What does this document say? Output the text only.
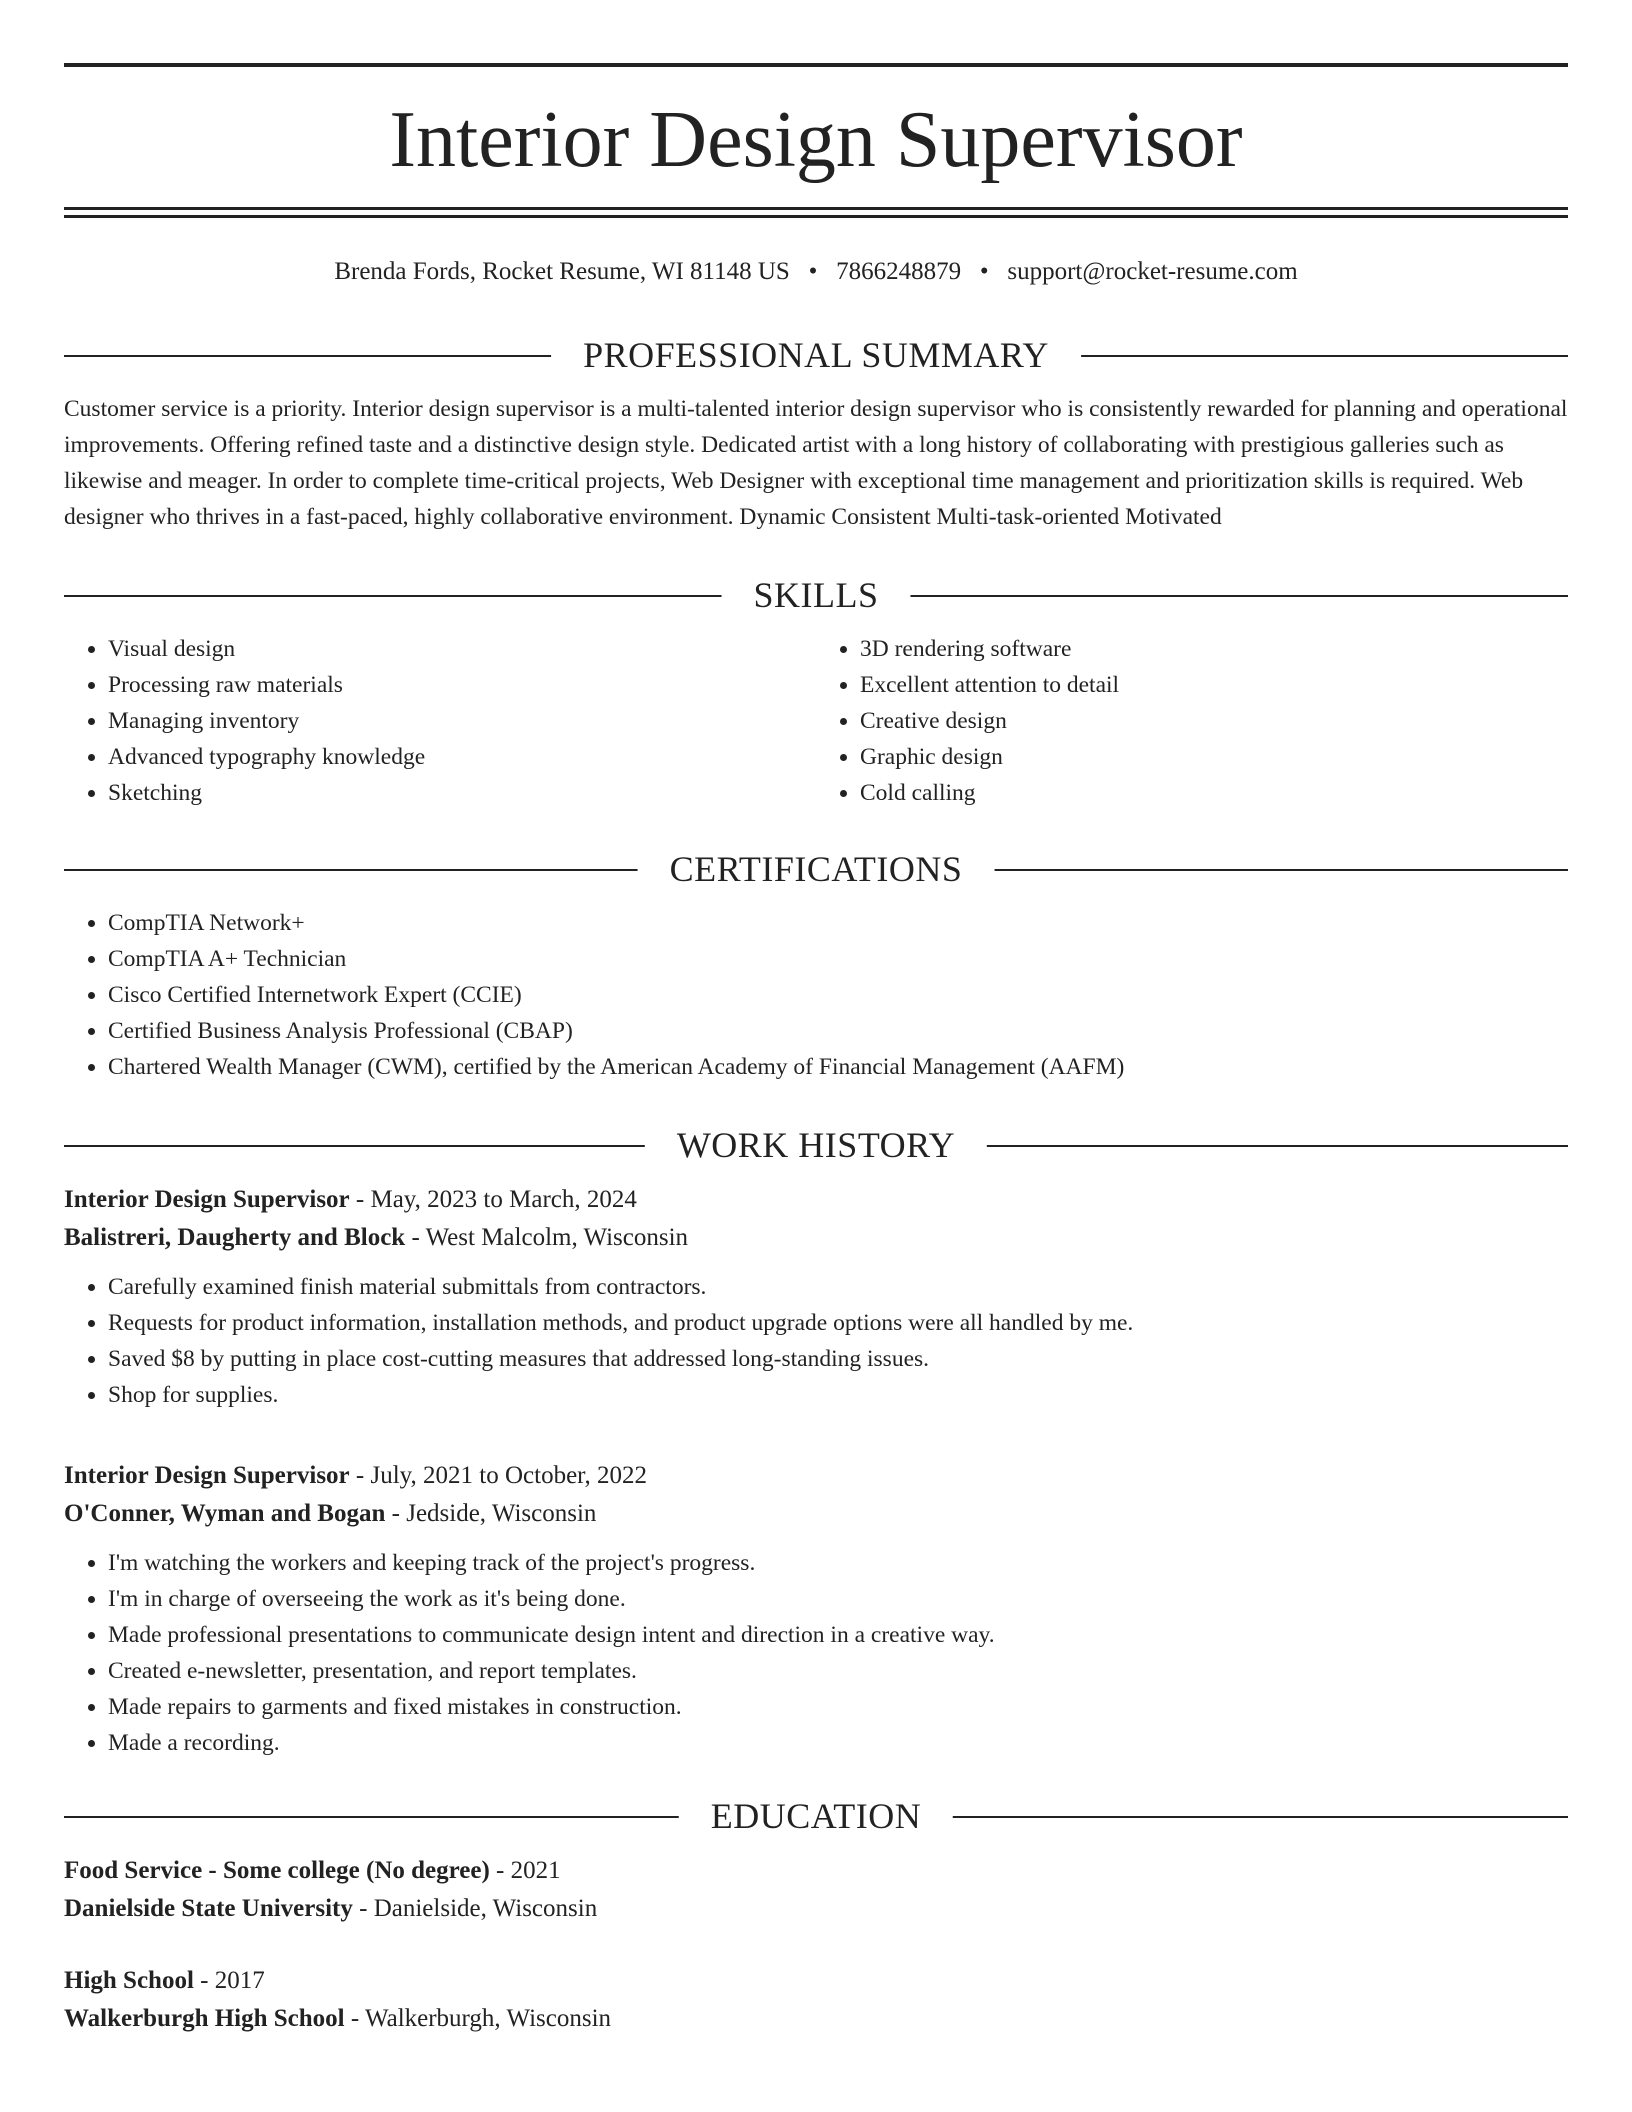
Interior Design Supervisor
Brenda Fords, Rocket Resume, WI 81148 US • 7866248879 • support@rocket-resume.com
PROFESSIONAL SUMMARY
Customer service is a priority. Interior design supervisor is a multi-talented interior design supervisor who is consistently rewarded for planning and operational improvements. Offering refined taste and a distinctive design style. Dedicated artist with a long history of collaborating with prestigious galleries such as likewise and meager. In order to complete time-critical projects, Web Designer with exceptional time management and prioritization skills is required. Web designer who thrives in a fast-paced, highly collaborative environment. Dynamic Consistent Multi-task-oriented Motivated
SKILLS
• Visual design
• Processing raw materials
• Managing inventory
• Advanced typography knowledge
• Sketching
• 3D rendering software
• Excellent attention to detail
• Creative design
• Graphic design
• Cold calling
CERTIFICATIONS
• CompTIA Network+
• CompTIA A+ Technician
• Cisco Certified Internetwork Expert (CCIE)
• Certified Business Analysis Professional (CBAP)
• Chartered Wealth Manager (CWM), certified by the American Academy of Financial Management (AAFM)
WORK HISTORY
Interior Design Supervisor - May, 2023 to March, 2024
Balistreri, Daugherty and Block - West Malcolm, Wisconsin
• Carefully examined finish material submittals from contractors.
• Requests for product information, installation methods, and product upgrade options were all handled by me.
• Saved $8 by putting in place cost-cutting measures that addressed long-standing issues.
• Shop for supplies.
Interior Design Supervisor - July, 2021 to October, 2022
O'Conner, Wyman and Bogan - Jedside, Wisconsin
• I'm watching the workers and keeping track of the project's progress.
• I'm in charge of overseeing the work as it's being done.
• Made professional presentations to communicate design intent and direction in a creative way.
• Created e-newsletter, presentation, and report templates.
• Made repairs to garments and fixed mistakes in construction.
• Made a recording.
EDUCATION
Food Service - Some college (No degree) - 2021
Danielside State University - Danielside, Wisconsin
High School - 2017
Walkerburgh High School - Walkerburgh, Wisconsin
